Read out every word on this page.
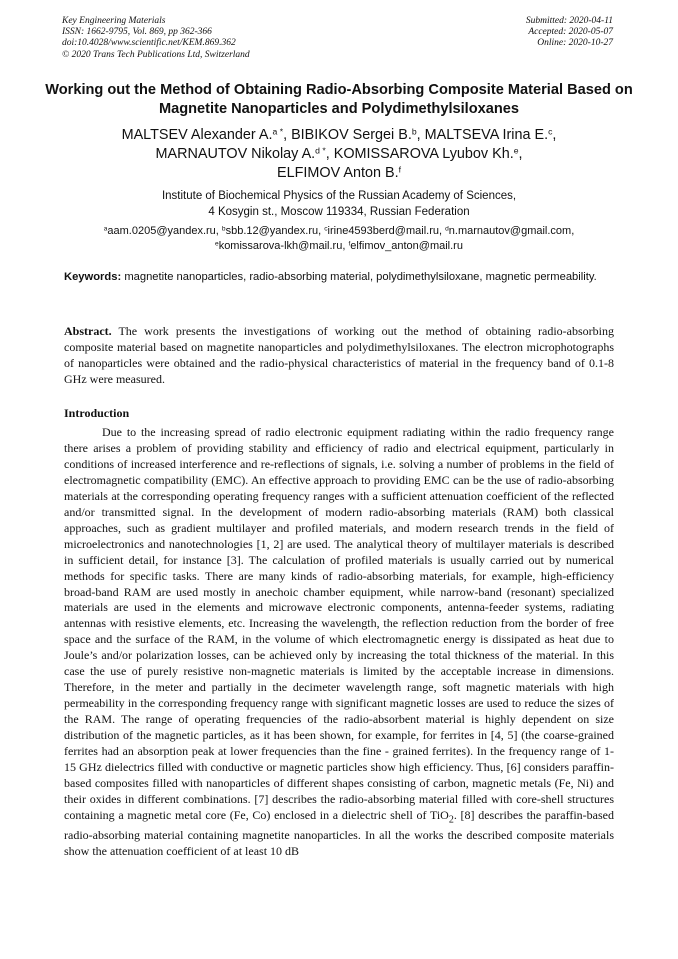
Key Engineering Materials
ISSN: 1662-9795, Vol. 869, pp 362-366
doi:10.4028/www.scientific.net/KEM.869.362
© 2020 Trans Tech Publications Ltd, Switzerland
Submitted: 2020-04-11
Accepted: 2020-05-07
Online: 2020-10-27
Working out the Method of Obtaining Radio-Absorbing Composite Material Based on Magnetite Nanoparticles and Polydimethylsiloxanes
MALTSEV Alexander A.$^{a *}$, BIBIKOV Sergei B.$^b$, MALTSEVA Irina E.$^c$,
MARNAUTOV Nikolay A.$^{d *}$, KOMISSAROVA Lyubov Kh.$^e$,
ELFIMOV Anton B.$^f$
Institute of Biochemical Physics of the Russian Academy of Sciences,
4 Kosygin st., Moscow 119334, Russian Federation
$^a$aam.0205@yandex.ru, $^b$sbb.12@yandex.ru, $^c$irine4593berd@mail.ru, $^d$n.marnautov@gmail.com,
$^e$komissarova-lkh@mail.ru, $^f$elfimov_anton@mail.ru
Keywords: magnetite nanoparticles, radio-absorbing material, polydimethylsiloxane, magnetic permeability.
Abstract. The work presents the investigations of working out the method of obtaining radio-absorbing composite material based on magnetite nanoparticles and polydimethylsiloxanes. The electron microphotographs of nanoparticles were obtained and the radio-physical characteristics of material in the frequency band of 0.1-8 GHz were measured.
Introduction
Due to the increasing spread of radio electronic equipment radiating within the radio frequency range there arises a problem of providing stability and efficiency of radio and electrical equipment, particularly in conditions of increased interference and re-reflections of signals, i.e. solving a number of problems in the field of electromagnetic compatibility (EMC). An effective approach to providing EMC can be the use of radio-absorbing materials at the corresponding operating frequency ranges with a sufficient attenuation coefficient of the reflected and/or transmitted signal. In the development of modern radio-absorbing materials (RAM) both classical approaches, such as gradient multilayer and profiled materials, and modern research trends in the field of microelectronics and nanotechnologies [1, 2] are used. The analytical theory of multilayer materials is described in sufficient detail, for instance [3]. The calculation of profiled materials is usually carried out by numerical methods for specific tasks. There are many kinds of radio-absorbing materials, for example, high-efficiency broad-band RAM are used mostly in anechoic chamber equipment, while narrow-band (resonant) specialized materials are used in the elements and microwave electronic components, antenna-feeder systems, radiating antennas with resistive elements, etc. Increasing the wavelength, the reflection reduction from the border of free space and the surface of the RAM, in the volume of which electromagnetic energy is dissipated as heat due to Joule’s and/or polarization losses, can be achieved only by increasing the total thickness of the material. In this case the use of purely resistive non-magnetic materials is limited by the acceptable increase in dimensions. Therefore, in the meter and partially in the decimeter wavelength range, soft magnetic materials with high permeability in the corresponding frequency range with significant magnetic losses are used to reduce the sizes of the RAM. The range of operating frequencies of the radio-absorbent material is highly dependent on size distribution of the magnetic particles, as it has been shown, for example, for ferrites in [4, 5] (the coarse-grained ferrites had an absorption peak at lower frequencies than the fine - grained ferrites). In the frequency range of 1-15 GHz dielectrics filled with conductive or magnetic particles show high efficiency. Thus, [6] considers paraffin-based composites filled with nanoparticles of different shapes consisting of carbon, magnetic metals (Fe, Ni) and their oxides in different combinations. [7] describes the radio-absorbing material filled with core-shell structures containing a magnetic metal core (Fe, Co) enclosed in a dielectric shell of TiO$_2$. [8] describes the paraffin-based radio-absorbing material containing magnetite nanoparticles. In all the works the described composite materials show the attenuation coefficient of at least 10 dB
